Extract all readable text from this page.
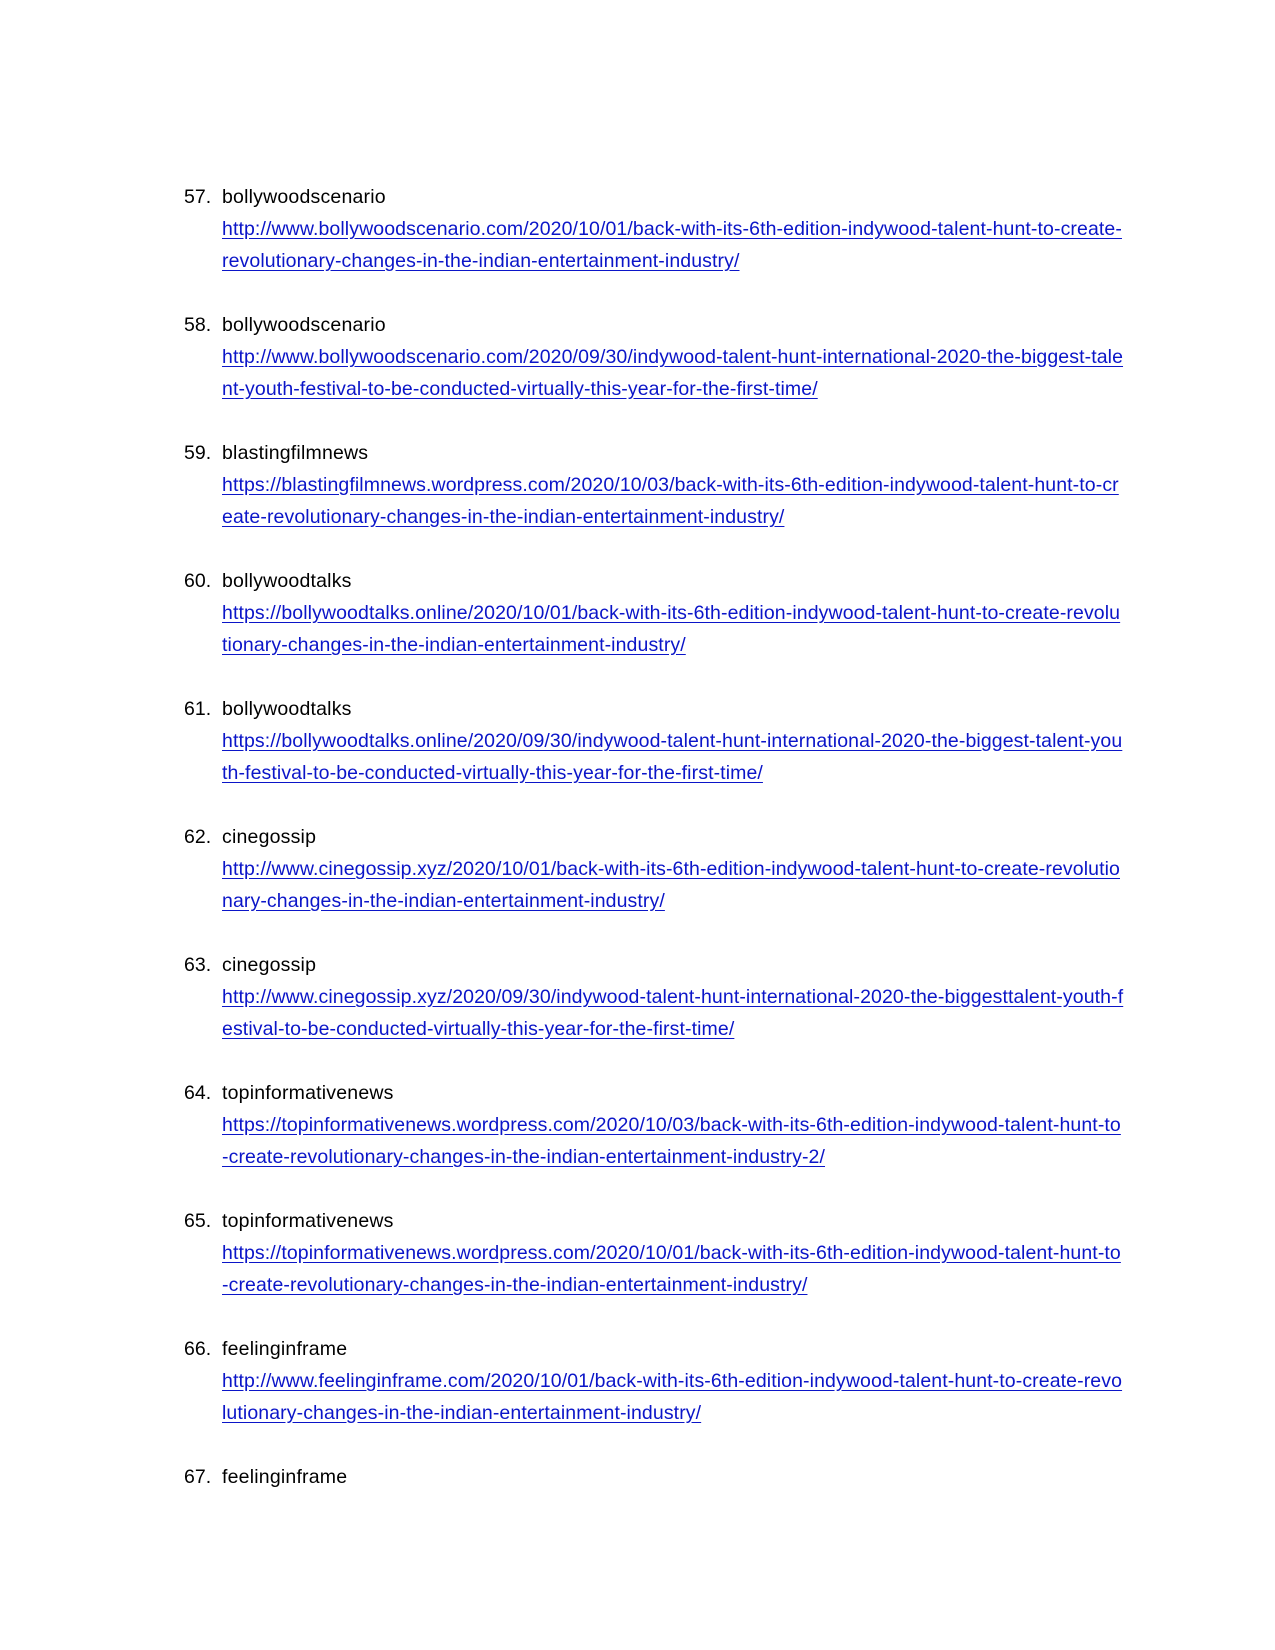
57. bollywoodscenario
http://www.bollywoodscenario.com/2020/10/01/back-with-its-6th-edition-indywood-talent-hunt-to-create-revolutionary-changes-in-the-indian-entertainment-industry/
58. bollywoodscenario
http://www.bollywoodscenario.com/2020/09/30/indywood-talent-hunt-international-2020-the-biggest-talent-youth-festival-to-be-conducted-virtually-this-year-for-the-first-time/
59. blastingfilmnews
https://blastingfilmnews.wordpress.com/2020/10/03/back-with-its-6th-edition-indywood-talent-hunt-to-create-revolutionary-changes-in-the-indian-entertainment-industry/
60. bollywoodtalks
https://bollywoodtalks.online/2020/10/01/back-with-its-6th-edition-indywood-talent-hunt-to-create-revolutionary-changes-in-the-indian-entertainment-industry/
61. bollywoodtalks
https://bollywoodtalks.online/2020/09/30/indywood-talent-hunt-international-2020-the-biggest-talent-youth-festival-to-be-conducted-virtually-this-year-for-the-first-time/
62. cinegossip
http://www.cinegossip.xyz/2020/10/01/back-with-its-6th-edition-indywood-talent-hunt-to-create-revolutionary-changes-in-the-indian-entertainment-industry/
63. cinegossip
http://www.cinegossip.xyz/2020/09/30/indywood-talent-hunt-international-2020-the-biggesttalent-youth-festival-to-be-conducted-virtually-this-year-for-the-first-time/
64. topinformativenews
https://topinformativenews.wordpress.com/2020/10/03/back-with-its-6th-edition-indywood-talent-hunt-to-create-revolutionary-changes-in-the-indian-entertainment-industry-2/
65. topinformativenews
https://topinformativenews.wordpress.com/2020/10/01/back-with-its-6th-edition-indywood-talent-hunt-to-create-revolutionary-changes-in-the-indian-entertainment-industry/
66. feelinginframe
http://www.feelinginframe.com/2020/10/01/back-with-its-6th-edition-indywood-talent-hunt-to-create-revolutionary-changes-in-the-indian-entertainment-industry/
67. feelinginframe
